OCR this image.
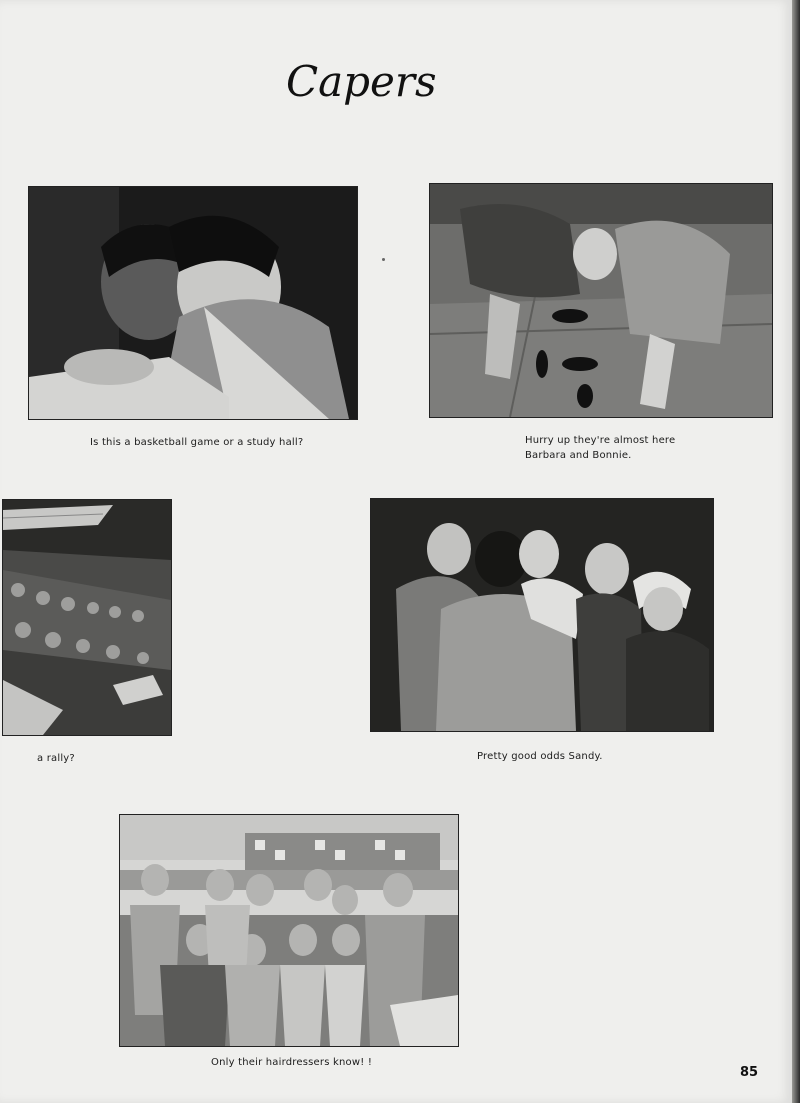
Capers
Is this a basketball game or a study hall?	Hurry up they're almost here
Barbara and Bonnie.
a rally?	Pretty good odds Sandy.
Only their hairdressers know! !
85
